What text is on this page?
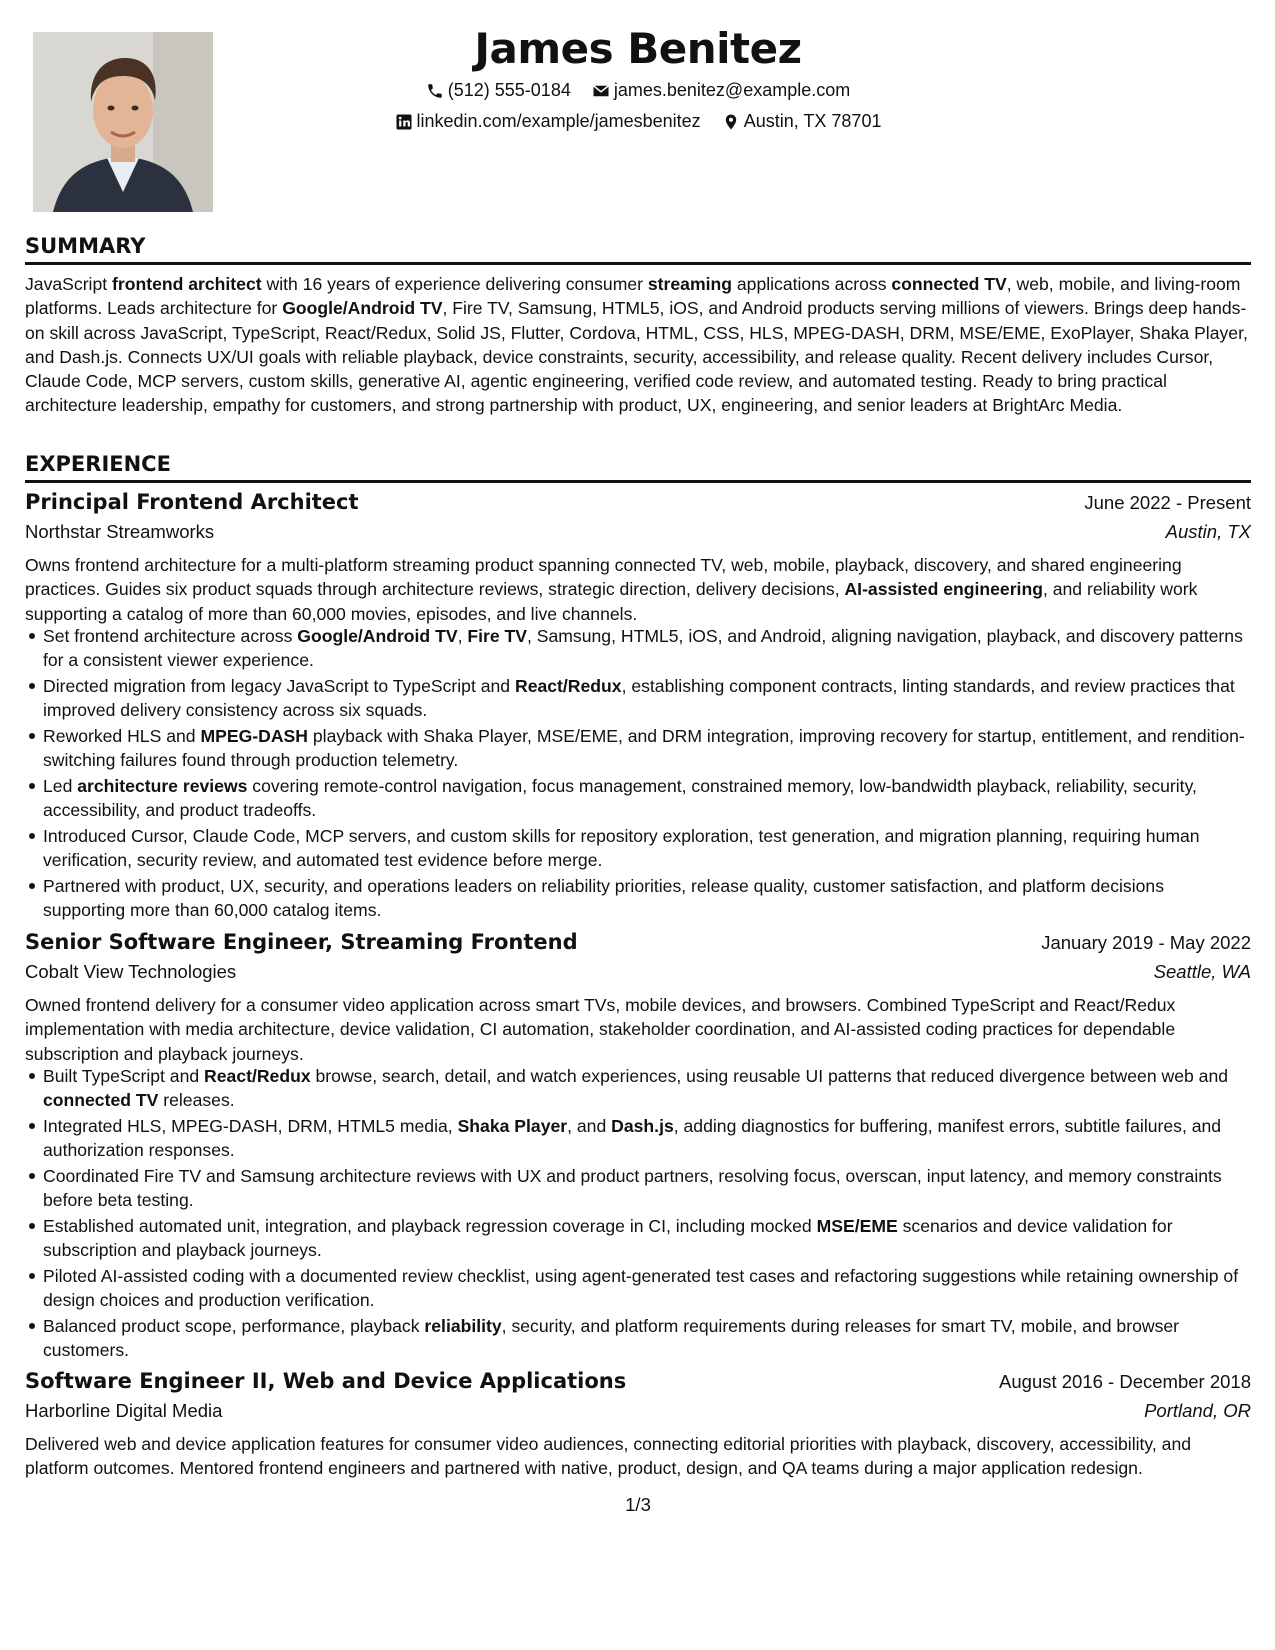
James Benitez
(512) 555-0184
james.benitez@example.com
linkedin.com/example/jamesbenitez
Austin, TX 78701
SUMMARY
JavaScript frontend architect with 16 years of experience delivering consumer streaming applications across connected TV, web, mobile, and living-room platforms. Leads architecture for Google/Android TV, Fire TV, Samsung, HTML5, iOS, and Android products serving millions of viewers. Brings deep hands-on skill across JavaScript, TypeScript, React/Redux, Solid JS, Flutter, Cordova, HTML, CSS, HLS, MPEG-DASH, DRM, MSE/EME, ExoPlayer, Shaka Player, and Dash.js. Connects UX/UI goals with reliable playback, device constraints, security, accessibility, and release quality. Recent delivery includes Cursor, Claude Code, MCP servers, custom skills, generative AI, agentic engineering, verified code review, and automated testing. Ready to bring practical architecture leadership, empathy for customers, and strong partnership with product, UX, engineering, and senior leaders at BrightArc Media.
EXPERIENCE
Principal Frontend Architect	June 2022 - Present
Northstar Streamworks	Austin, TX
Owns frontend architecture for a multi-platform streaming product spanning connected TV, web, mobile, playback, discovery, and shared engineering practices. Guides six product squads through architecture reviews, strategic direction, delivery decisions, AI-assisted engineering, and reliability work supporting a catalog of more than 60,000 movies, episodes, and live channels.
Set frontend architecture across Google/Android TV, Fire TV, Samsung, HTML5, iOS, and Android, aligning navigation, playback, and discovery patterns for a consistent viewer experience.
Directed migration from legacy JavaScript to TypeScript and React/Redux, establishing component contracts, linting standards, and review practices that improved delivery consistency across six squads.
Reworked HLS and MPEG-DASH playback with Shaka Player, MSE/EME, and DRM integration, improving recovery for startup, entitlement, and rendition-switching failures found through production telemetry.
Led architecture reviews covering remote-control navigation, focus management, constrained memory, low-bandwidth playback, reliability, security, accessibility, and product tradeoffs.
Introduced Cursor, Claude Code, MCP servers, and custom skills for repository exploration, test generation, and migration planning, requiring human verification, security review, and automated test evidence before merge.
Partnered with product, UX, security, and operations leaders on reliability priorities, release quality, customer satisfaction, and platform decisions supporting more than 60,000 catalog items.
Senior Software Engineer, Streaming Frontend	January 2019 - May 2022
Cobalt View Technologies	Seattle, WA
Owned frontend delivery for a consumer video application across smart TVs, mobile devices, and browsers. Combined TypeScript and React/Redux implementation with media architecture, device validation, CI automation, stakeholder coordination, and AI-assisted coding practices for dependable subscription and playback journeys.
Built TypeScript and React/Redux browse, search, detail, and watch experiences, using reusable UI patterns that reduced divergence between web and connected TV releases.
Integrated HLS, MPEG-DASH, DRM, HTML5 media, Shaka Player, and Dash.js, adding diagnostics for buffering, manifest errors, subtitle failures, and authorization responses.
Coordinated Fire TV and Samsung architecture reviews with UX and product partners, resolving focus, overscan, input latency, and memory constraints before beta testing.
Established automated unit, integration, and playback regression coverage in CI, including mocked MSE/EME scenarios and device validation for subscription and playback journeys.
Piloted AI-assisted coding with a documented review checklist, using agent-generated test cases and refactoring suggestions while retaining ownership of design choices and production verification.
Balanced product scope, performance, playback reliability, security, and platform requirements during releases for smart TV, mobile, and browser customers.
Software Engineer II, Web and Device Applications	August 2016 - December 2018
Harborline Digital Media	Portland, OR
Delivered web and device application features for consumer video audiences, connecting editorial priorities with playback, discovery, accessibility, and platform outcomes. Mentored frontend engineers and partnered with native, product, design, and QA teams during a major application redesign.
1/3
